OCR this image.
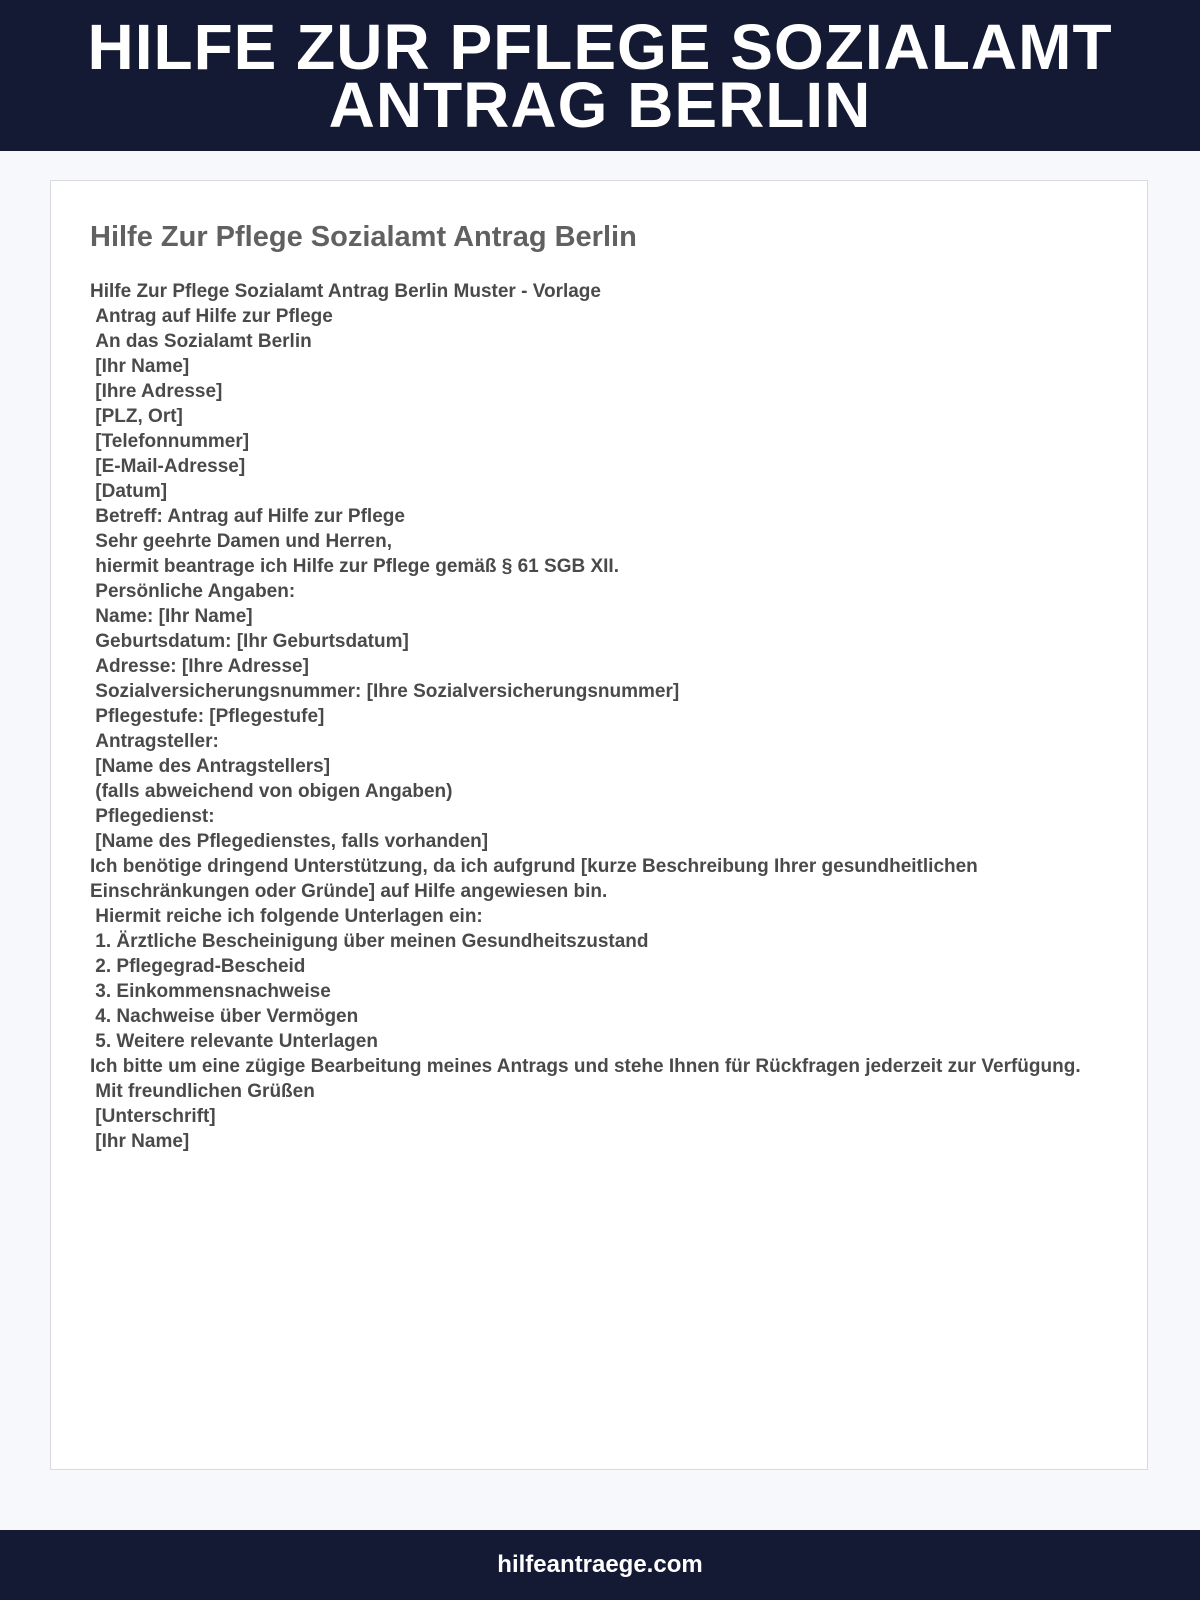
HILFE ZUR PFLEGE SOZIALAMT ANTRAG BERLIN
Hilfe Zur Pflege Sozialamt Antrag Berlin
Hilfe Zur Pflege Sozialamt Antrag Berlin Muster - Vorlage
Antrag auf Hilfe zur Pflege
An das Sozialamt Berlin
[Ihr Name]
[Ihre Adresse]
[PLZ, Ort]
[Telefonnummer]
[E-Mail-Adresse]
[Datum]
Betreff: Antrag auf Hilfe zur Pflege
Sehr geehrte Damen und Herren,
hiermit beantrage ich Hilfe zur Pflege gemäß § 61 SGB XII.
Persönliche Angaben:
Name: [Ihr Name]
Geburtsdatum: [Ihr Geburtsdatum]
Adresse: [Ihre Adresse]
Sozialversicherungsnummer: [Ihre Sozialversicherungsnummer]
Pflegestufe: [Pflegestufe]
Antragsteller:
[Name des Antragstellers]
(falls abweichend von obigen Angaben)
Pflegedienst:
[Name des Pflegedienstes, falls vorhanden]
Ich benötige dringend Unterstützung, da ich aufgrund [kurze Beschreibung Ihrer gesundheitlichen Einschränkungen oder Gründe] auf Hilfe angewiesen bin.
Hiermit reiche ich folgende Unterlagen ein:
1. Ärztliche Bescheinigung über meinen Gesundheitszustand
2. Pflegegrad-Bescheid
3. Einkommensnachweise
4. Nachweise über Vermögen
5. Weitere relevante Unterlagen
Ich bitte um eine zügige Bearbeitung meines Antrags und stehe Ihnen für Rückfragen jederzeit zur Verfügung.
Mit freundlichen Grüßen
[Unterschrift]
[Ihr Name]
hilfeantraege.com
